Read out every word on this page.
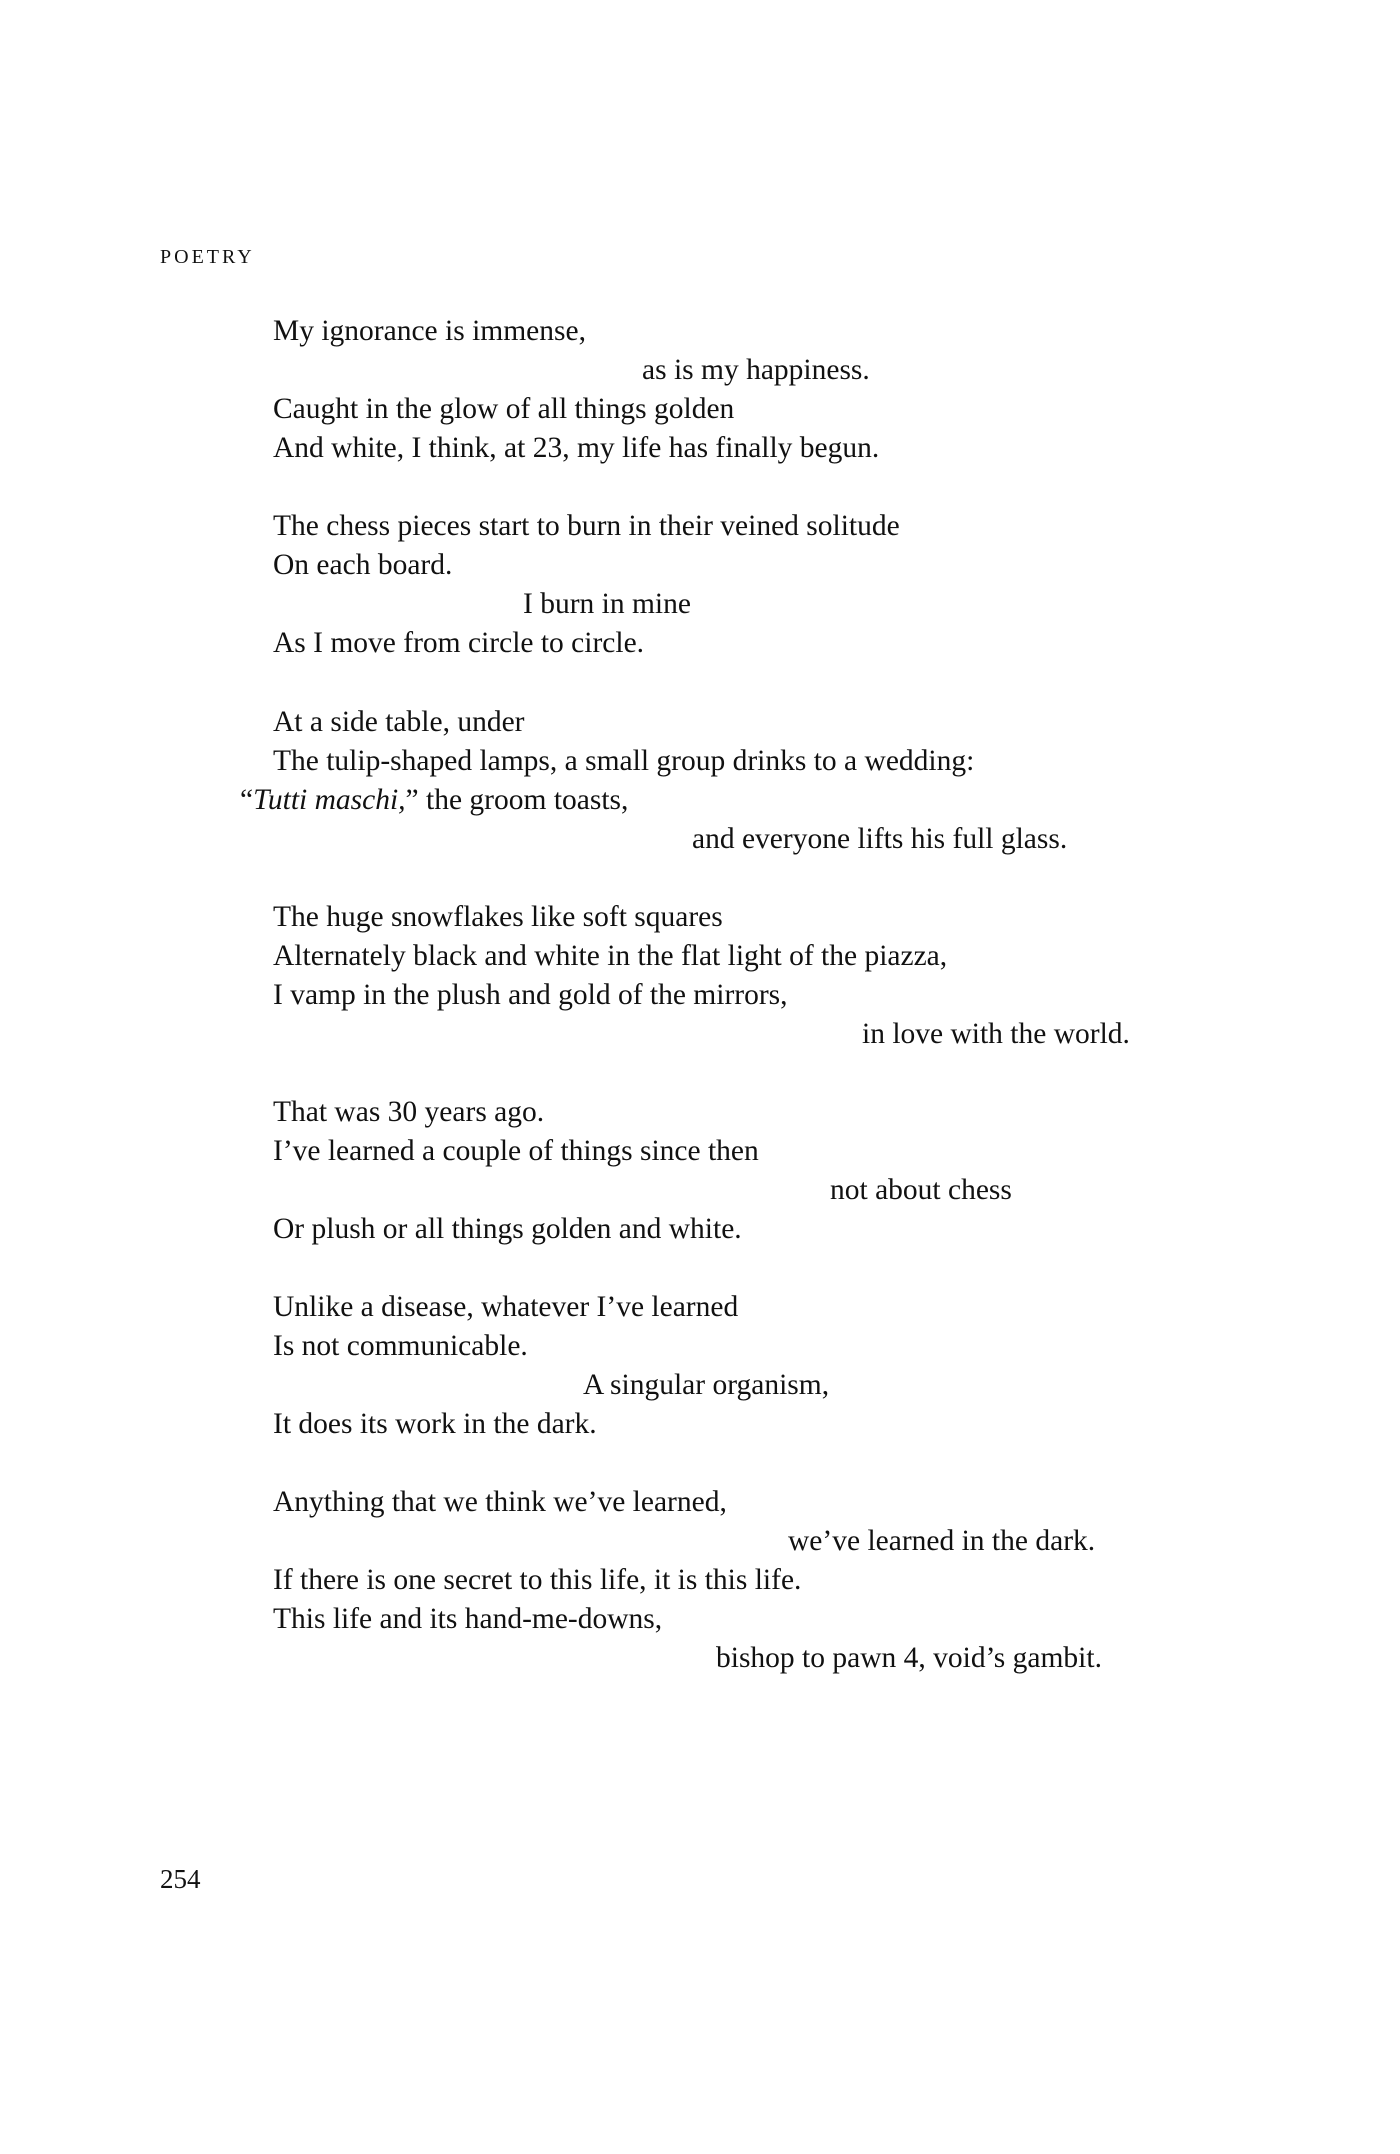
POETRY
My ignorance is immense,
as is my happiness.
Caught in the glow of all things golden
And white, I think, at 23, my life has finally begun.
The chess pieces start to burn in their veined solitude
On each board.
I burn in mine
As I move from circle to circle.
At a side table, under
The tulip-shaped lamps, a small group drinks to a wedding:
“Tutti maschi,” the groom toasts,
and everyone lifts his full glass.
The huge snowflakes like soft squares
Alternately black and white in the flat light of the piazza,
I vamp in the plush and gold of the mirrors,
in love with the world.
That was 30 years ago.
I’ve learned a couple of things since then
not about chess
Or plush or all things golden and white.
Unlike a disease, whatever I’ve learned
Is not communicable.
A singular organism,
It does its work in the dark.
Anything that we think we’ve learned,
we’ve learned in the dark.
If there is one secret to this life, it is this life.
This life and its hand-me-downs,
bishop to pawn 4, void’s gambit.
254
